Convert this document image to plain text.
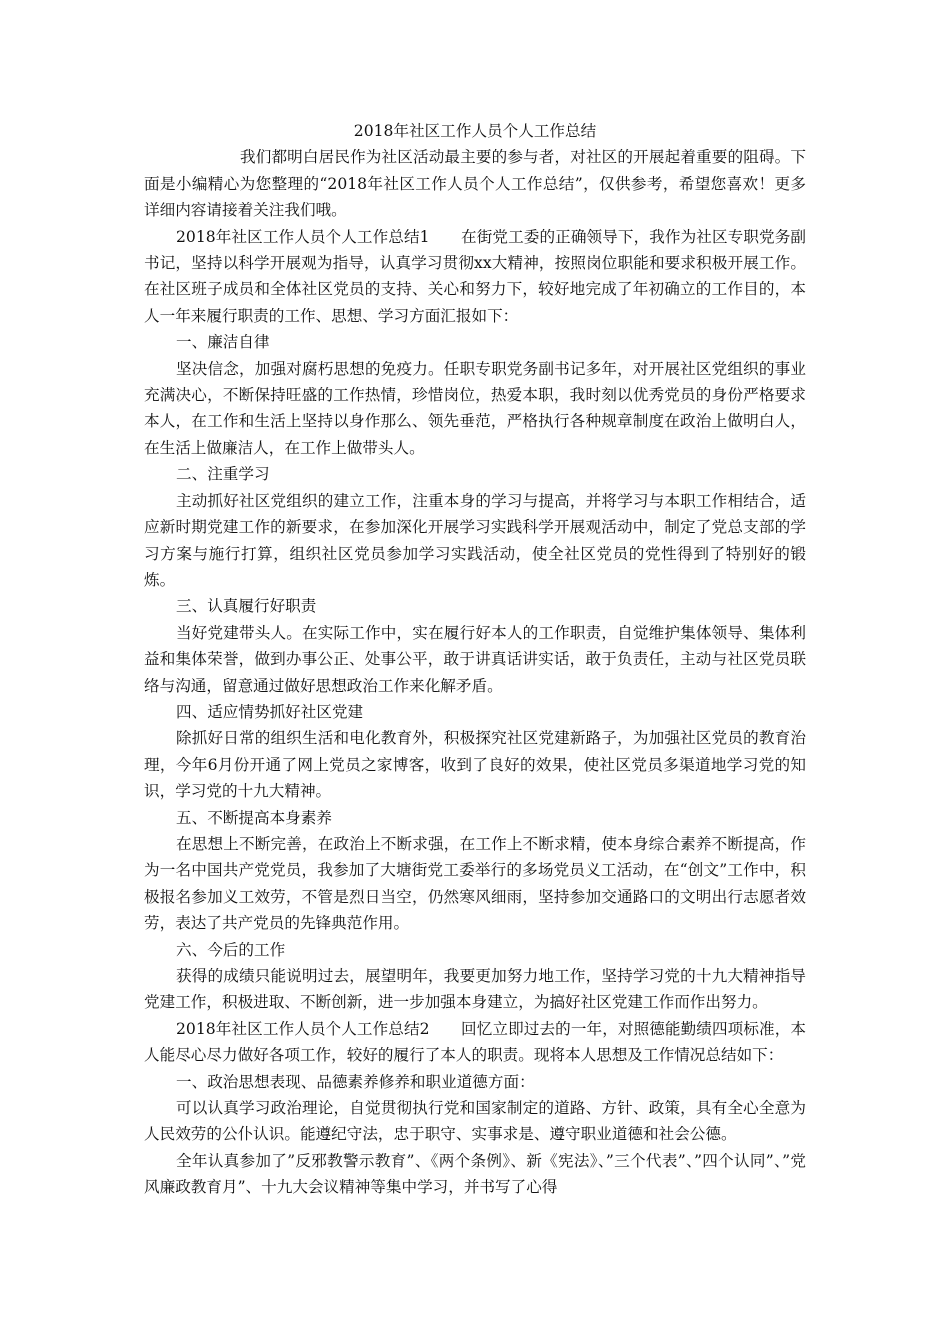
2018年社区工作人员个人工作总结

我们都明白居民作为社区活动最主要的参与者，对社区的开展起着重要的阻碍。下面是小编精心为您整理的“2018年社区工作人员个人工作总结”，仅供参考，希望您喜欢！更多详细内容请接着关注我们哦。

2018年社区工作人员个人工作总结1　　在街党工委的正确领导下，我作为社区专职党务副书记，坚持以科学开展观为指导，认真学习贯彻xx大精神，按照岗位职能和要求积极开展工作。在社区班子成员和全体社区党员的支持、关心和努力下，较好地完成了年初确立的工作目的，本人一年来履行职责的工作、思想、学习方面汇报如下：

一、廉洁自律

坚决信念，加强对腐朽思想的免疫力。任职专职党务副书记多年，对开展社区党组织的事业充满决心，不断保持旺盛的工作热情，珍惜岗位，热爱本职，我时刻以优秀党员的身份严格要求本人，在工作和生活上坚持以身作那么、领先垂范，严格执行各种规章制度在政治上做明白人，在生活上做廉洁人，在工作上做带头人。

二、注重学习

主动抓好社区党组织的建立工作，注重本身的学习与提高，并将学习与本职工作相结合，适应新时期党建工作的新要求，在参加深化开展学习实践科学开展观活动中，制定了党总支部的学习方案与施行打算，组织社区党员参加学习实践活动，使全社区党员的党性得到了特别好的锻炼。

三、认真履行好职责

当好党建带头人。在实际工作中，实在履行好本人的工作职责，自觉维护集体领导、集体利益和集体荣誉，做到办事公正、处事公平，敢于讲真话讲实话，敢于负责任，主动与社区党员联络与沟通，留意通过做好思想政治工作来化解矛盾。

四、适应情势抓好社区党建

除抓好日常的组织生活和电化教育外，积极探究社区党建新路子，为加强社区党员的教育治理，今年6月份开通了网上党员之家博客，收到了良好的效果，使社区党员多渠道地学习党的知识，学习党的十九大精神。

五、不断提高本身素养

在思想上不断完善，在政治上不断求强，在工作上不断求精，使本身综合素养不断提高，作为一名中国共产党党员，我参加了大塘街党工委举行的多场党员义工活动，在“创文”工作中，积极报名参加义工效劳，不管是烈日当空，仍然寒风细雨，坚持参加交通路口的文明出行志愿者效劳，表达了共产党员的先锋典范作用。

六、今后的工作

获得的成绩只能说明过去，展望明年，我要更加努力地工作，坚持学习党的十九大精神指导党建工作，积极进取、不断创新，进一步加强本身建立，为搞好社区党建工作而作出努力。

2018年社区工作人员个人工作总结2　　回忆立即过去的一年，对照德能勤绩四项标准，本人能尽心尽力做好各项工作，较好的履行了本人的职责。现将本人思想及工作情况总结如下：

一、政治思想表现、品德素养修养和职业道德方面：

可以认真学习政治理论，自觉贯彻执行党和国家制定的道路、方针、政策，具有全心全意为人民效劳的公仆认识。能遵纪守法，忠于职守、实事求是、遵守职业道德和社会公德。

全年认真参加了”反邪教警示教育”、《两个条例》、新《宪法》、”三个代表”、”四个认同”、”党风廉政教育月”、十九大会议精神等集中学习，并书写了心得
